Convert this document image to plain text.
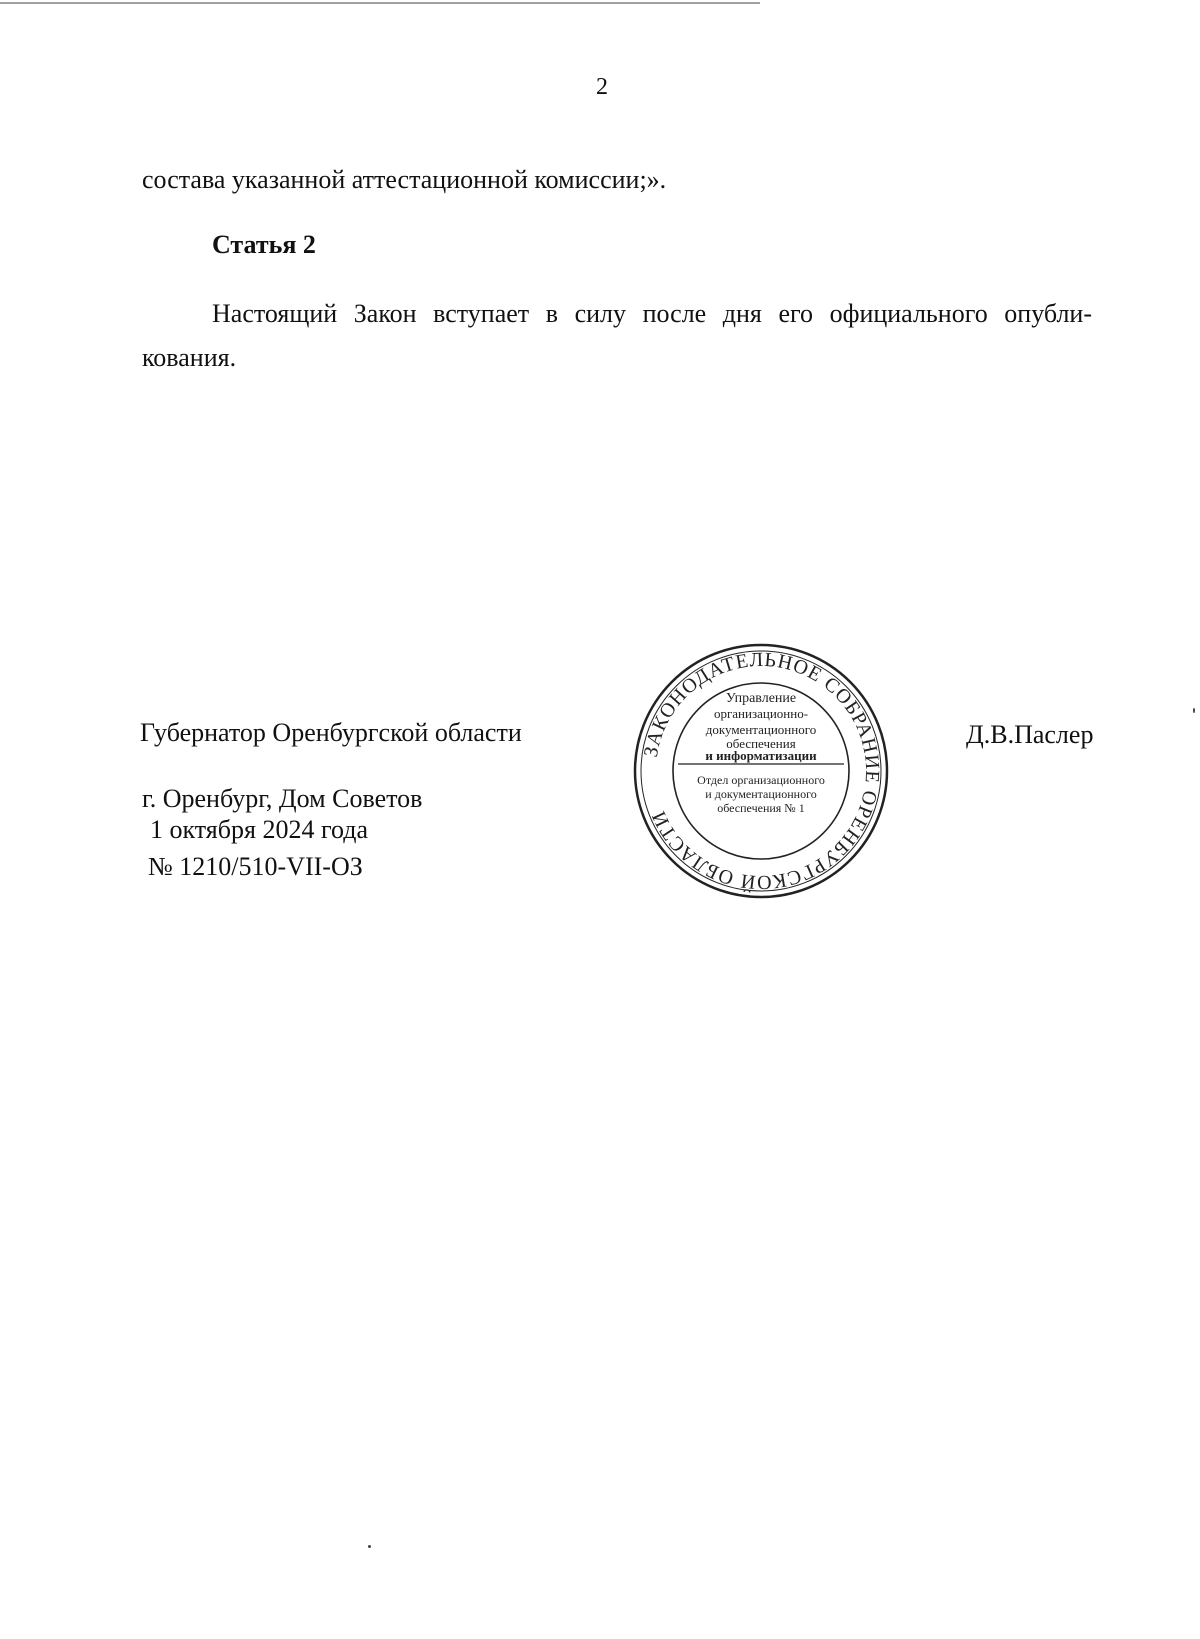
2
состава указанной аттестационной комиссии;».
Статья 2
Настоящий Закон вступает в силу после дня его официального опубли-кования.
Губернатор Оренбургской области
ЗАКОНОДАТЕЛЬНОЕ СОБРАНИЕ ОРЕНБУРГСКОЙ ОБЛАСТИ
Управление
организационно-
документационного
обеспечения
и информатизации
Отдел организационного
и документационного
обеспечения № 1
Д.В.Паслер
г. Оренбург, Дом Советов
1 октября 2024 года
№ 1210/510-VII-ОЗ
